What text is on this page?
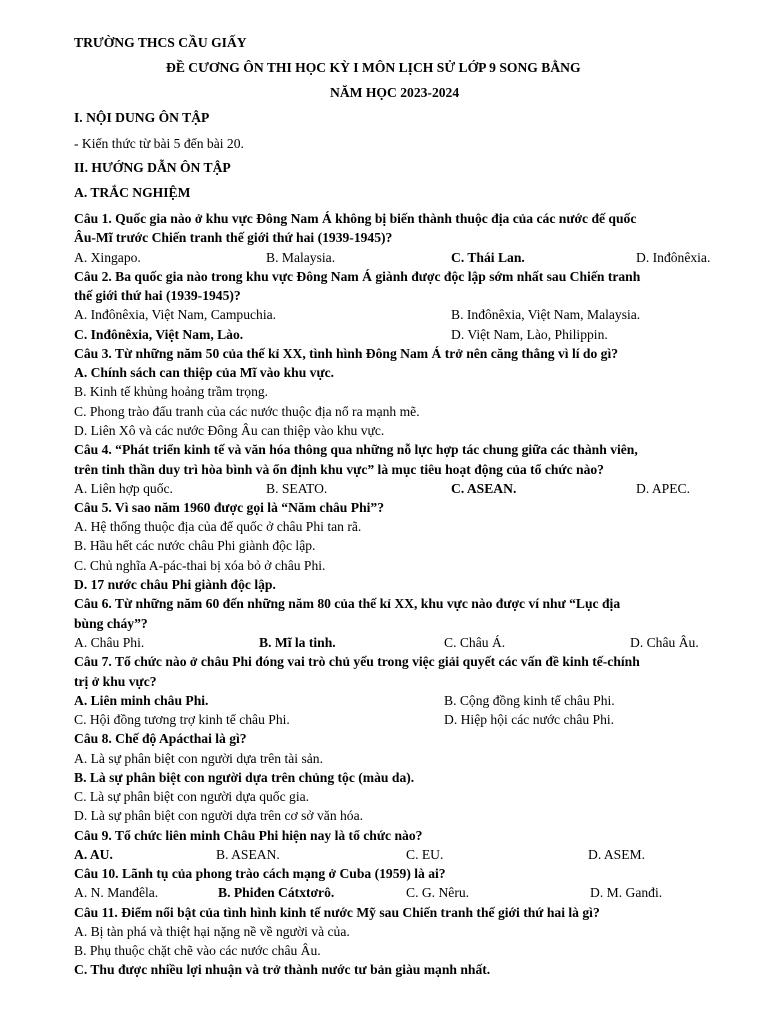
TRƯỜNG THCS CẦU GIẤY
ĐỀ CƯƠNG ÔN THI HỌC KỲ I MÔN LỊCH SỬ LỚP 9 SONG BẰNG
NĂM HỌC 2023-2024
I. NỘI DUNG ÔN TẬP
- Kiến thức từ bài 5 đến bài 20.
II. HƯỚNG DẪN ÔN TẬP
A. TRẮC NGHIỆM
Câu 1. Quốc gia nào ở khu vực Đông Nam Á không bị biến thành thuộc địa của các nước đế quốc
Âu-Mĩ trước Chiến tranh thế giới thứ hai (1939-1945)?
A. Xingapo.	B. Malaysia.	C. Thái Lan.	D. Inđônêxia.
Câu 2. Ba quốc gia nào trong khu vực Đông Nam Á giành được độc lập sớm nhất sau Chiến tranh
thế giới thứ hai (1939-1945)?
A. Inđônêxia, Việt Nam, Campuchia.	B. Inđônêxia, Việt Nam, Malaysia.
C. Inđônêxia, Việt Nam, Lào.	D. Việt Nam, Lào, Philippin.
Câu 3. Từ những năm 50 của thế kỉ XX, tình hình Đông Nam Á trở nên căng thẳng vì lí do gì?
A. Chính sách can thiệp của Mĩ vào khu vực.
B. Kinh tế khủng hoảng trầm trọng.
C. Phong trào đấu tranh của các nước thuộc địa nổ ra mạnh mẽ.
D. Liên Xô và các nước Đông Âu can thiệp vào khu vực.
Câu 4. “Phát triển kinh tế và văn hóa thông qua những nỗ lực hợp tác chung giữa các thành viên,
trên tinh thần duy trì hòa bình và ổn định khu vực” là mục tiêu hoạt động của tổ chức nào?
A. Liên hợp quốc.	B. SEATO.	C. ASEAN.	D. APEC.
Câu 5. Vì sao năm 1960 được gọi là “Năm châu Phi”?
A. Hệ thống thuộc địa của đế quốc ở châu Phi tan rã.
B. Hầu hết các nước châu Phi giành độc lập.
C. Chủ nghĩa A-pác-thai bị xóa bỏ ở châu Phi.
D. 17 nước châu Phi giành độc lập.
Câu 6. Từ những năm 60 đến những năm 80 của thế kỉ XX, khu vực nào được ví như “Lục địa
bùng cháy”?
A. Châu Phi.	B. Mĩ la tinh.	C. Châu Á.	D. Châu Âu.
Câu 7. Tổ chức nào ở châu Phi đóng vai trò chủ yếu trong việc giải quyết các vấn đề kinh tế-chính
trị ở khu vực?
A. Liên minh châu Phi.	B. Cộng đồng kinh tế châu Phi.
C. Hội đồng tương trợ kinh tế châu Phi.	D. Hiệp hội các nước châu Phi.
Câu 8. Chế độ Apácthai là gì?
A. Là sự phân biệt con người dựa trên tài sản.
B. Là sự phân biệt con người dựa trên chủng tộc (màu da).
C. Là sự phân biệt con người dựa quốc gia.
D. Là sự phân biệt con người dựa trên cơ sở văn hóa.
Câu 9. Tổ chức liên minh Châu Phi hiện nay là tổ chức nào?
A. AU.	B. ASEAN.	C. EU.	D. ASEM.
Câu 10. Lãnh tụ của phong trào cách mạng ở Cuba (1959) là ai?
A. N. Manđêla.	B. Phiđen Cátxtơrô.	C. G. Nêru.	D. M. Ganđi.
Câu 11. Điểm nổi bật của tình hình kinh tế nước Mỹ sau Chiến tranh thế giới thứ hai là gì?
A. Bị tàn phá và thiệt hại nặng nề về người và của.
B. Phụ thuộc chặt chẽ vào các nước châu Âu.
C. Thu được nhiều lợi nhuận và trở thành nước tư bản giàu mạnh nhất.
